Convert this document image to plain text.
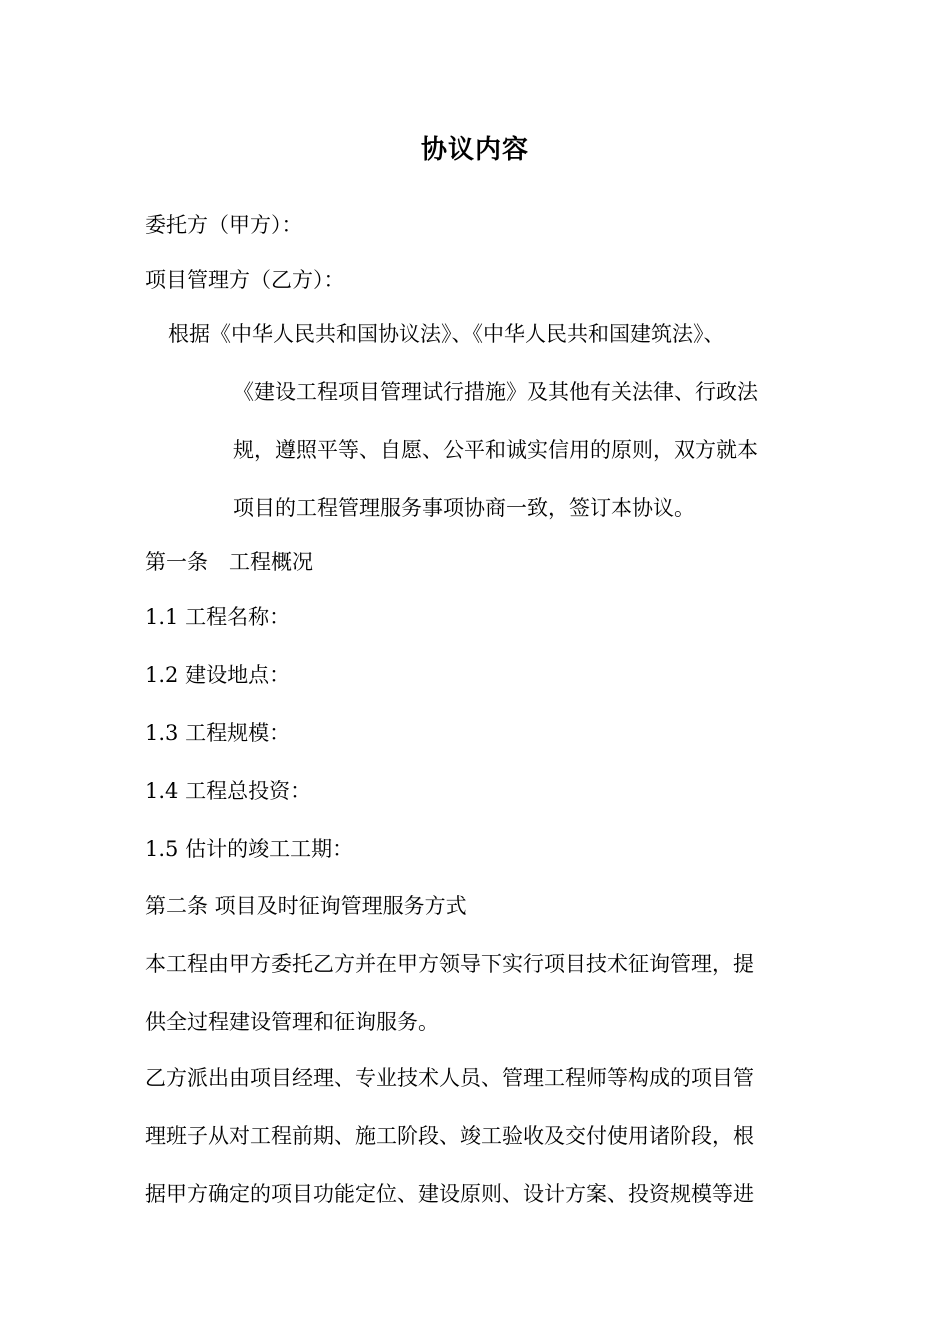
协议内容
委托方（甲方）：
项目管理方（乙方）：
根据《中华人民共和国协议法》、《中华人民共和国建筑法》、
《建设工程项目管理试行措施》及其他有关法律、行政法
规，遵照平等、自愿、公平和诚实信用的原则，双方就本
项目的工程管理服务事项协商一致，签订本协议。
第一条　工程概况
1.1 工程名称：
1.2 建设地点：
1.3 工程规模：
1.4 工程总投资：
1.5 估计的竣工工期：
第二条 项目及时征询管理服务方式
本工程由甲方委托乙方并在甲方领导下实行项目技术征询管理，提
供全过程建设管理和征询服务。
乙方派出由项目经理、专业技术人员、管理工程师等构成的项目管
理班子从对工程前期、施工阶段、竣工验收及交付使用诸阶段，根
据甲方确定的项目功能定位、建设原则、设计方案、投资规模等进
